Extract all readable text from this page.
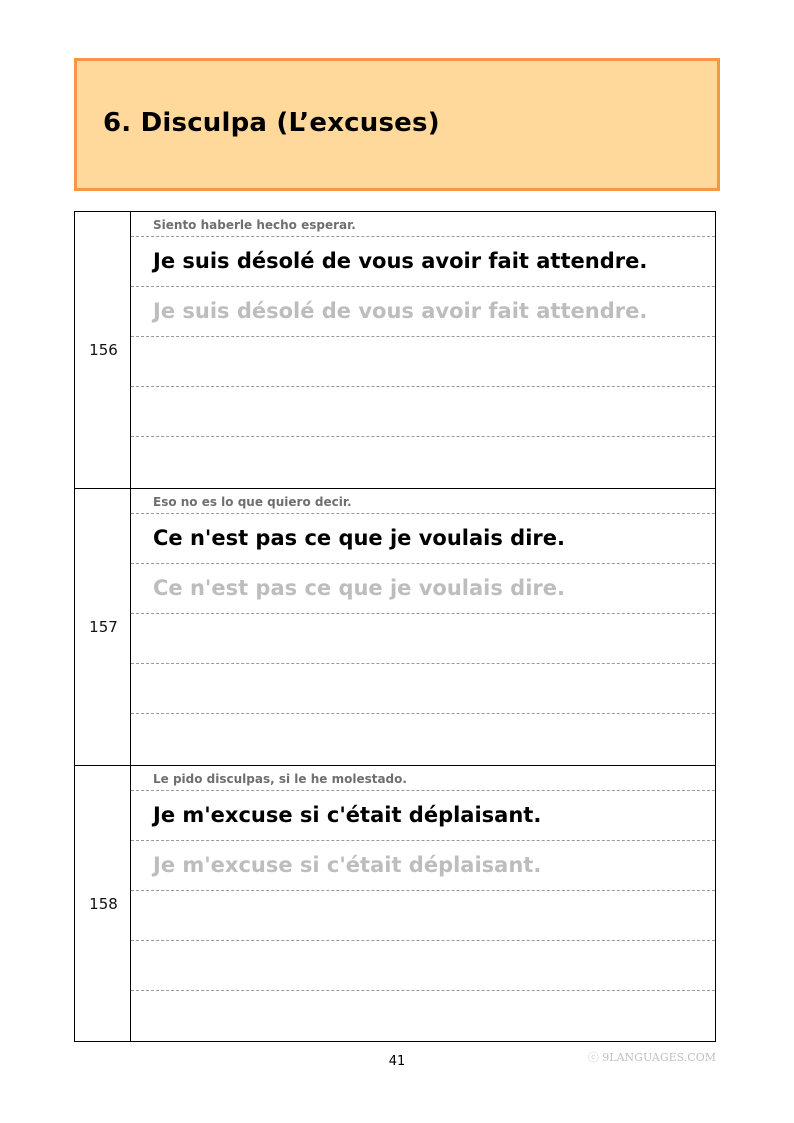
6. Disculpa (L’excuses)
156
Siento haberle hecho esperar.
Je suis désolé de vous avoir fait attendre.
Je suis désolé de vous avoir fait attendre.
157
Eso no es lo que quiero decir.
Ce n'est pas ce que je voulais dire.
Ce n'est pas ce que je voulais dire.
158
Le pido disculpas, si le he molestado.
Je m'excuse si c'était déplaisant.
Je m'excuse si c'était déplaisant.
41	ⓒ 9LANGUAGES.COM
